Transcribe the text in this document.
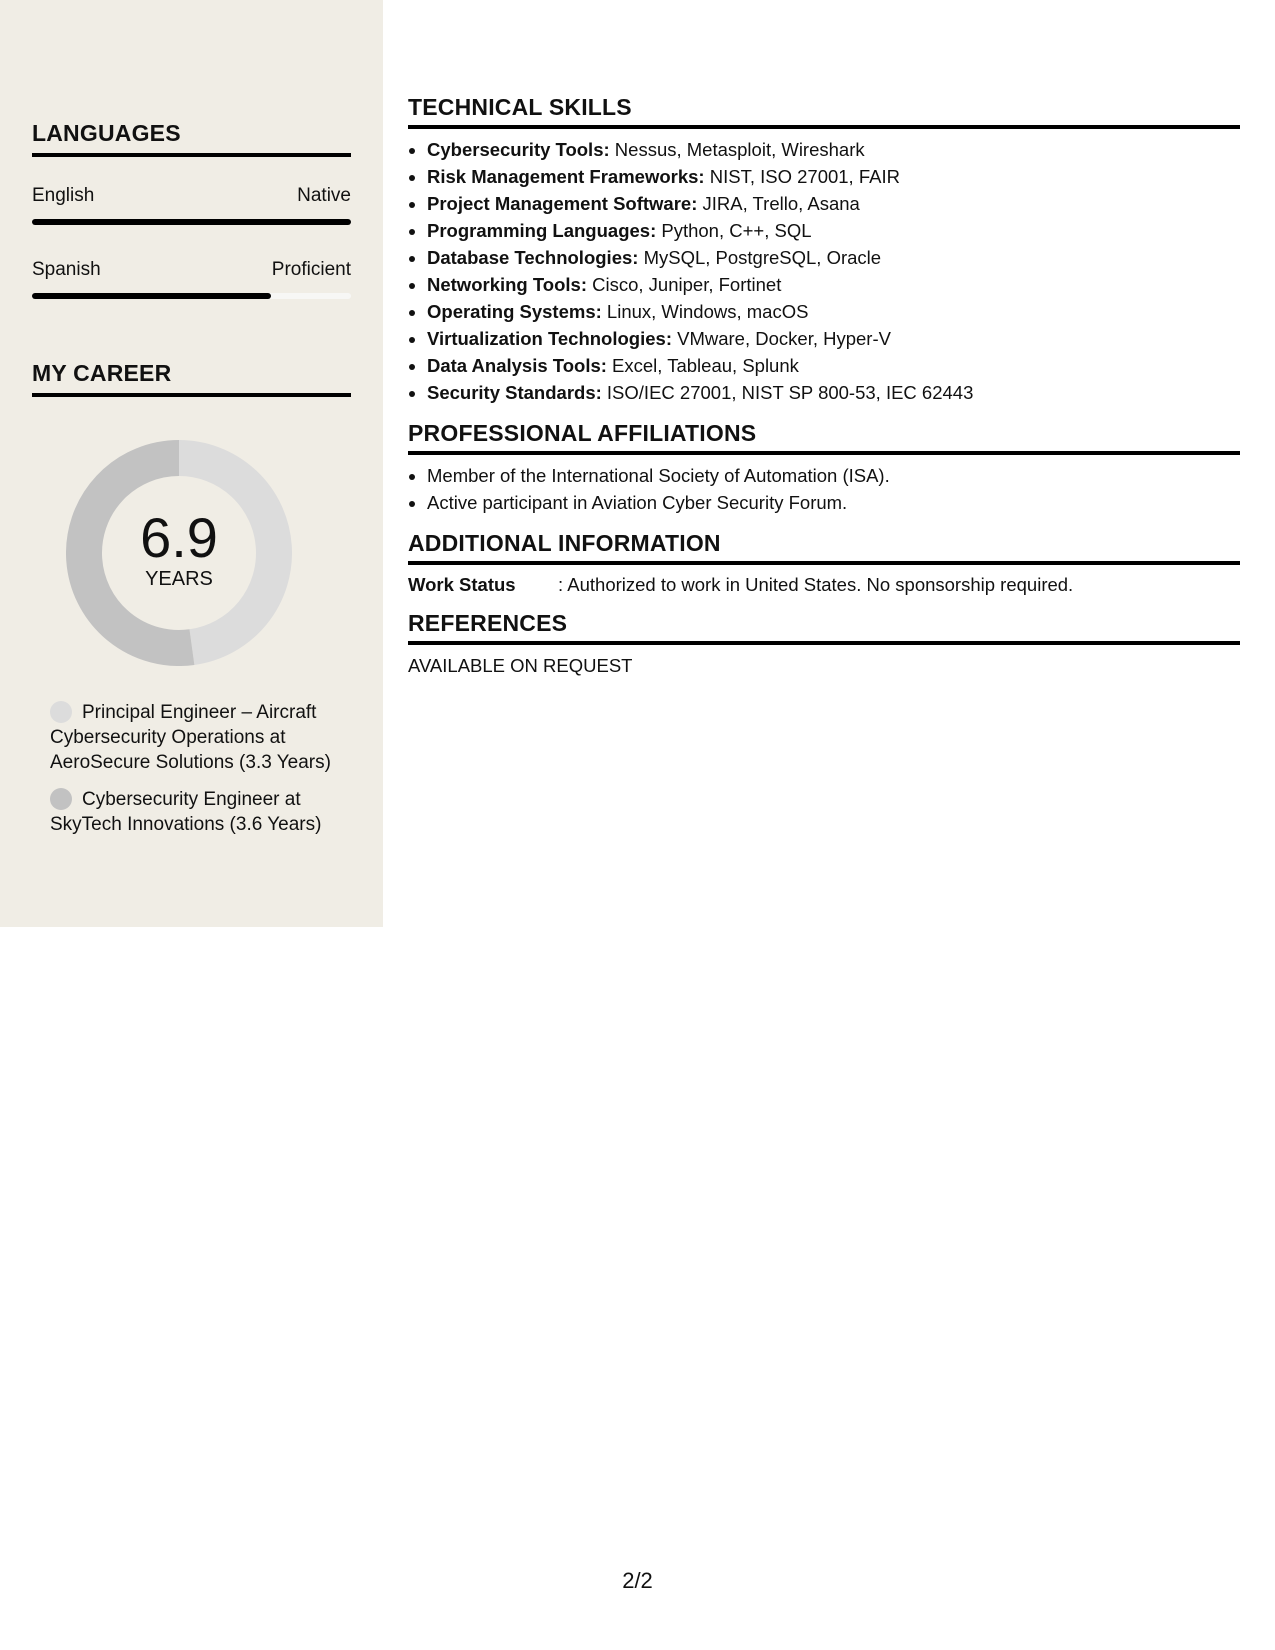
LANGUAGES
English	Native
Spanish	Proficient
MY CAREER
6.9
YEARS
Principal Engineer – Aircraft Cybersecurity Operations at AeroSecure Solutions (3.3 Years)
Cybersecurity Engineer at SkyTech Innovations (3.6 Years)
TECHNICAL SKILLS
• Cybersecurity Tools: Nessus, Metasploit, Wireshark
• Risk Management Frameworks: NIST, ISO 27001, FAIR
• Project Management Software: JIRA, Trello, Asana
• Programming Languages: Python, C++, SQL
• Database Technologies: MySQL, PostgreSQL, Oracle
• Networking Tools: Cisco, Juniper, Fortinet
• Operating Systems: Linux, Windows, macOS
• Virtualization Technologies: VMware, Docker, Hyper-V
• Data Analysis Tools: Excel, Tableau, Splunk
• Security Standards: ISO/IEC 27001, NIST SP 800-53, IEC 62443
PROFESSIONAL AFFILIATIONS
• Member of the International Society of Automation (ISA).
• Active participant in Aviation Cyber Security Forum.
ADDITIONAL INFORMATION
Work Status	: Authorized to work in United States. No sponsorship required.
REFERENCES
AVAILABLE ON REQUEST
2/2
